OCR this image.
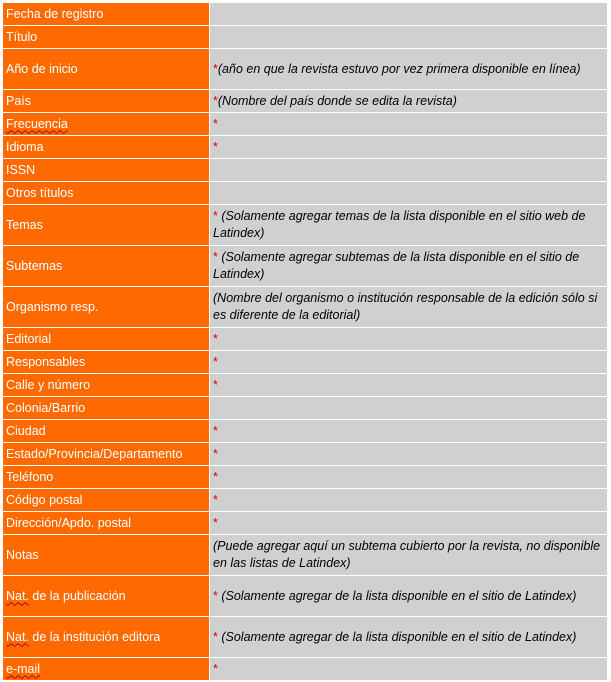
Fecha de registro	
Título	
Año de inicio	*(año en que la revista estuvo por vez primera disponible en línea)
País	*(Nombre del país donde se edita la revista)
Frecuencia	*
Idioma	*
ISSN	
Otros títulos	
Temas	* (Solamente agregar temas de la lista disponible en el sitio web de Latindex)
Subtemas	* (Solamente agregar subtemas de la lista disponible en el sitio de Latindex)
Organismo resp.	(Nombre del organismo o institución responsable de la edición sólo si es diferente de la editorial)
Editorial	*
Responsables	*
Calle y número	*
Colonia/Barrio	
Ciudad	*
Estado/Provincia/Departamento	*
Teléfono	*
Código postal	*
Dirección/Apdo. postal	*
Notas	(Puede agregar aquí un subtema cubierto por la revista, no disponible en las listas de Latindex)
Nat. de la publicación	* (Solamente agregar de la lista disponible en el sitio de Latindex)
Nat. de la institución editora	* (Solamente agregar de la lista disponible en el sitio de Latindex)
e-mail	*
